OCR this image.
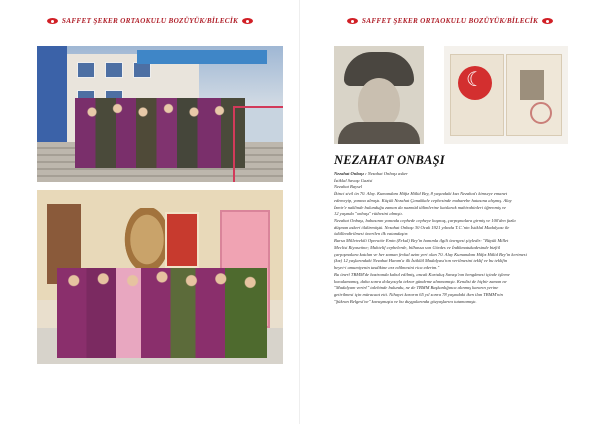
SAFFET ŞEKER ORTAOKULU BOZÜYÜK/BİLECİK	SAFFET ŞEKER ORTAOKULU BOZÜYÜK/BİLECİK
☾
NEZAHAT ONBAŞI

Nezahat Onbaşı : Nezahat Onbaşı asker

İstiklal Savaşı Gazisi

Nezahat Baysel

İkinci sivil ön 70. Alay. Kumandanı Hâfız Hâlid Bey, 8 yaşındaki kızı Nezahat'ı kimseye emanet

edemeyip, yanına almıştı. Küçük Nezahat Çanakkale cephesinde muharebe hatasına alışmış. Alay

İzmir'e naklinde bulunduğu zaman da nazmüd tâlimlerine katılarak mahirahinleri öğrenmiş ve

12 yaşında "onbaşı" rütbesini almıştı.

Nezahat Onbaşı, babasının yanında cephede cepheye koşmuş, çarpışmalara girmiş ve 100'den fazla

düşman askeri öldürmüştü. Nezahat Onbaşı 30 Ocak 1921 yılında T.C.'nin İstiklal Madalyası ile

ödüllendirilmesi önerilen ilk vatandaştır.

Bursa Milletvekili Operatör Emin (Erkul) Bey'in hanımla ilgili önergesi şöyledir: "Büyük Millet

Meclisi Riyasetine; Muhtelif cephelerde, bilhassa son Gördes ve İndikmatukadesinde bizfiil

çarpışmalara katılan ve her zaman fevkal azim yeri olan 70. Alay Kumandanı Hâfız Hâlid Bey'in kerimesi

(kız) 12 yaşlarındaki Nezahat Hanım'a ilk İstiklâl Madalyası'nın verilmesini teklif ve bu teklifin

heyet-i umumiyenin tasdikine arz edilmesini rica ederim."

Bu önerî TBMM'de haziranda kabul edilmiş, ancak Kurtuluş Savaşı'nın hengâmesi içinde işleme

konulamamış, daha sonra dolayısıyla tekrar gündeme alınmamıştı. Kendisi de hiçbir zaman ne

"Madalyam verin!" talebinde bulundu, ne de TBMM Başkanlığınca alınmış kararın yerine

getirilmesi için müracaat etti. Nihayet kararın 65 yıl sonra 78 yaşındaki iken ilan TBMM'nin

"Şükran Belgesi'ne" kavuşmuştu ve bu duygularında gözyaşlarını tutamamıştı.
